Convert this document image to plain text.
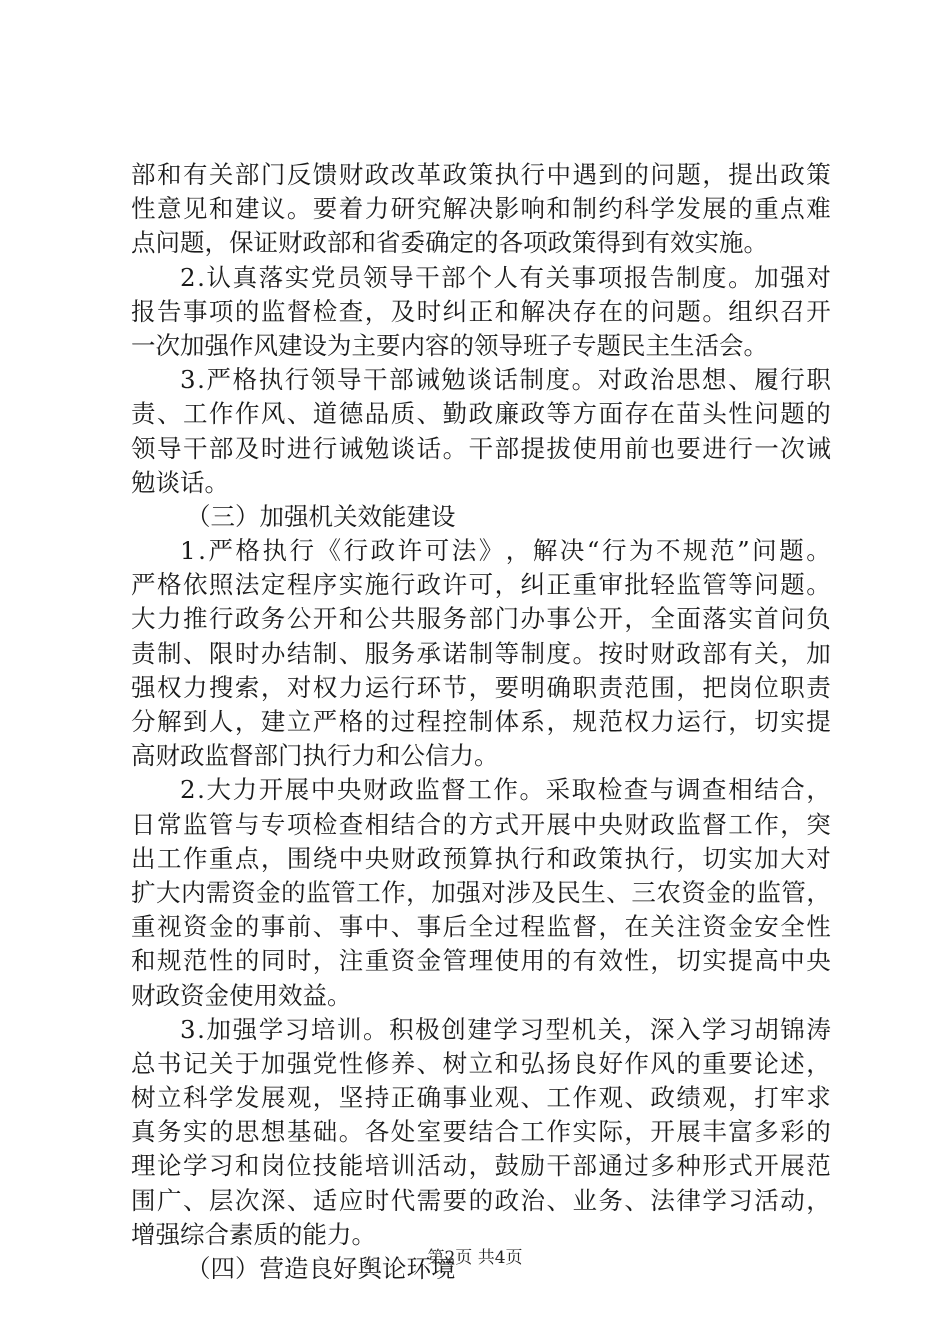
部 和 有 关 部 门 反 馈 财 政 改 革 政 策 执 行 中 遇 到 的 问 题 ， 提 出 政 策
性 意 见 和 建 议 。 要 着 力 研 究 解 决 影 响 和 制 约 科 学 发 展 的 重 点 难
点问题，保证财政部和省委确定的各项政策得到有效实施。
2 . 认 真 落 实 党 员 领 导 干 部 个 人 有 关 事 项 报 告 制 度 。 加 强 对
报 告 事 项 的 监 督 检 查 ， 及 时 纠 正 和 解 决 存 在 的 问 题 。 组 织 召 开
一次加强作风建设为主要内容的领导班子专题民主生活会。
3 . 严 格 执 行 领 导 干 部 诫 勉 谈 话 制 度 。 对 政 治 思 想 、 履 行 职
责 、 工 作 作 风 、 道 德 品 质 、 勤 政 廉 政 等 方 面 存 在 苗 头 性 问 题 的
领 导 干 部 及 时 进 行 诫 勉 谈 话 。 干 部 提 拔 使 用 前 也 要 进 行 一 次 诫
勉谈话。
（三）加强机关效能建设
1 . 严 格 执 行 《 行 政 许 可 法 》 ， 解 决 “ 行 为 不 规 范 ” 问 题 。
严 格 依 照 法 定 程 序 实 施 行 政 许 可 ， 纠 正 重 审 批 轻 监 管 等 问 题 。
大 力 推 行 政 务 公 开 和 公 共 服 务 部 门 办 事 公 开 ， 全 面 落 实 首 问 负
责 制 、 限 时 办 结 制 、 服 务 承 诺 制 等 制 度 。 按 时 财 政 部 有 关 ， 加
强 权 力 搜 索 ， 对 权 力 运 行 环 节 ， 要 明 确 职 责 范 围 ， 把 岗 位 职 责
分 解 到 人 ， 建 立 严 格 的 过 程 控 制 体 系 ， 规 范 权 力 运 行 ， 切 实 提
高财政监督部门执行力和公信力。
2 . 大 力 开 展 中 央 财 政 监 督 工 作 。 采 取 检 查 与 调 查 相 结 合 ，
日 常 监 管 与 专 项 检 查 相 结 合 的 方 式 开 展 中 央 财 政 监 督 工 作 ， 突
出 工 作 重 点 ， 围 绕 中 央 财 政 预 算 执 行 和 政 策 执 行 ， 切 实 加 大 对
扩 大 内 需 资 金 的 监 管 工 作 ， 加 强 对 涉 及 民 生 、 三 农 资 金 的 监 管 ，
重 视 资 金 的 事 前 、 事 中 、 事 后 全 过 程 监 督 ， 在 关 注 资 金 安 全 性
和 规 范 性 的 同 时 ， 注 重 资 金 管 理 使 用 的 有 效 性 ， 切 实 提 高 中 央
财政资金使用效益。
3 . 加 强 学 习 培 训 。 积 极 创 建 学 习 型 机 关 ， 深 入 学 习 胡 锦 涛
总 书 记 关 于 加 强 党 性 修 养 、 树 立 和 弘 扬 良 好 作 风 的 重 要 论 述 ，
树 立 科 学 发 展 观 ， 坚 持 正 确 事 业 观 、 工 作 观 、 政 绩 观 ， 打 牢 求
真 务 实 的 思 想 基 础 。 各 处 室 要 结 合 工 作 实 际 ， 开 展 丰 富 多 彩 的
理 论 学 习 和 岗 位 技 能 培 训 活 动 ， 鼓 励 干 部 通 过 多 种 形 式 开 展 范
围 广 、 层 次 深 、 适 应 时 代 需 要 的 政 治 、 业 务 、 法 律 学 习 活 动 ，
增强综合素质的能力。
（四）营造良好舆论环境
第2页 共4页
